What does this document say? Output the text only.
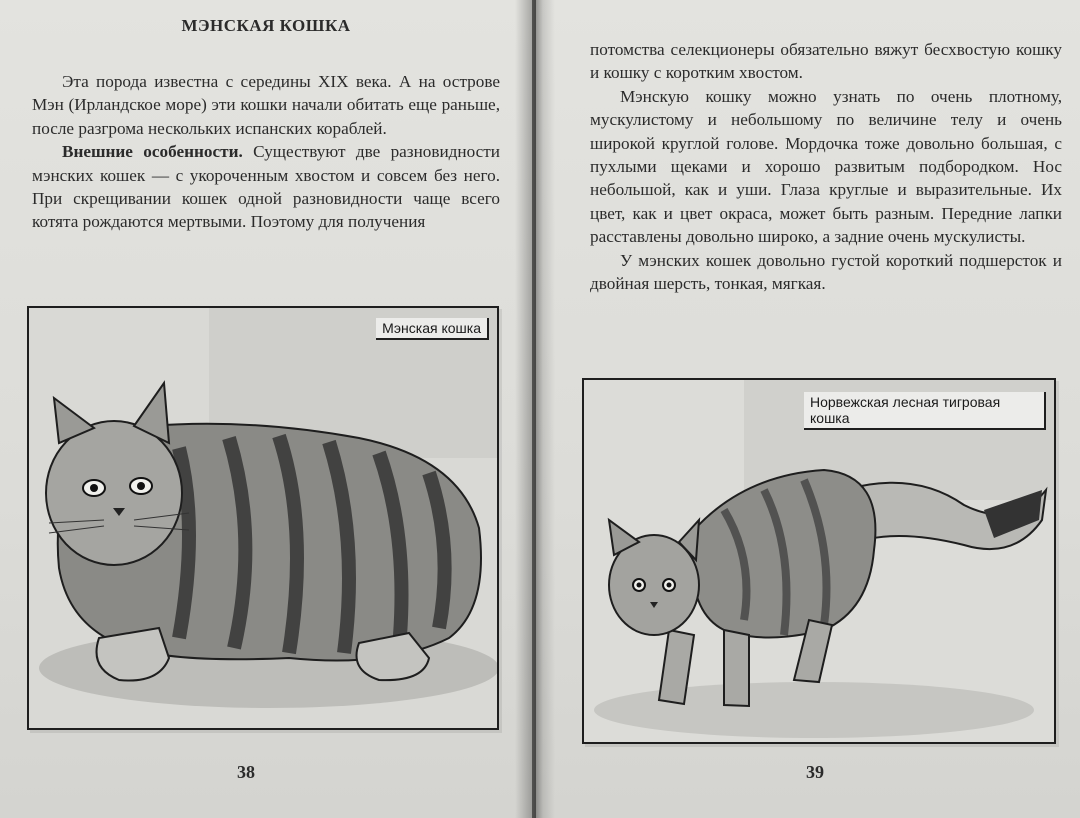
МЭНСКАЯ КОШКА

Эта порода известна с середины XIX века. А на острове Мэн (Ирландское море) эти кошки начали обитать еще раньше, после разгрома нескольких испанских кораблей.

Внешние особенности. Существуют две разновидности мэнских кошек — с укороченным хвостом и совсем без него. При скрещивании кошек одной разновидности чаще всего котята рождаются мертвыми. Поэтому для получения

Мэнская кошка
38

потомства селекционеры обязательно вяжут бесхвостую кошку и кошку с коротким хвостом.

Мэнскую кошку можно узнать по очень плотному, мускулистому и небольшому по величине телу и очень широкой круглой голове. Мордочка тоже довольно большая, с пухлыми щеками и хорошо развитым подбородком. Нос небольшой, как и уши. Глаза круглые и выразительные. Их цвет, как и цвет окраса, может быть разным. Передние лапки расставлены довольно широко, а задние очень мускулисты.

У мэнских кошек довольно густой короткий подшерсток и двойная шерсть, тонкая, мягкая.

Норвежская лесная тигровая кошка
39
